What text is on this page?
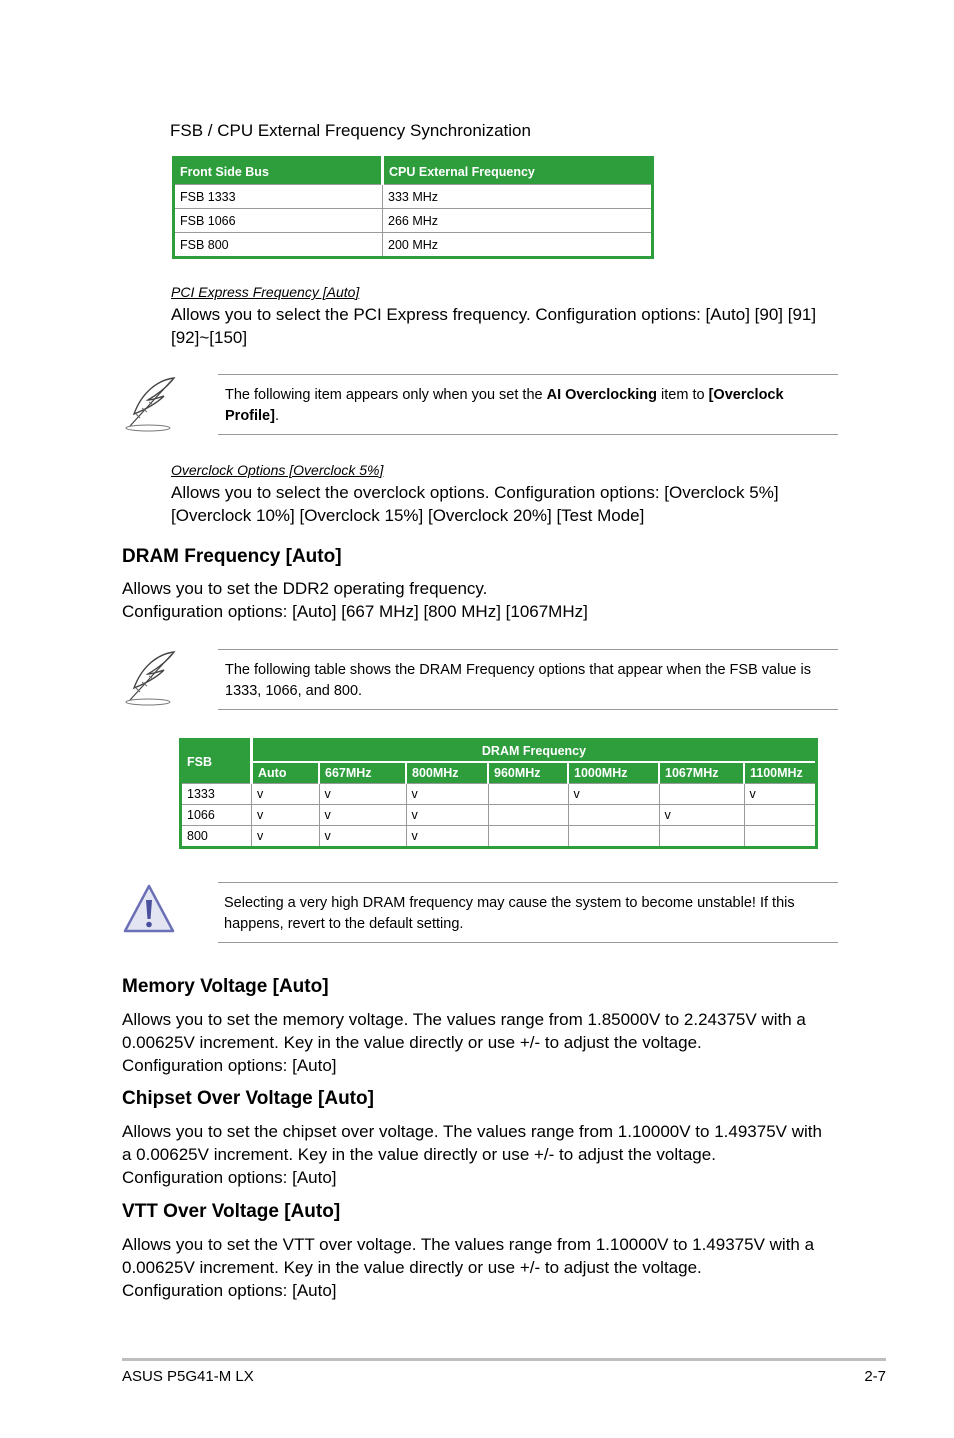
FSB / CPU External Frequency Synchronization
Front Side Bus	CPU External Frequency
FSB 1333	333 MHz
FSB 1066	266 MHz
FSB 800	200 MHz
PCI Express Frequency [Auto]
Allows you to select the PCI Express frequency. Configuration options: [Auto] [90] [91]
[92]~[150]
The following item appears only when you set the AI Overclocking item to [Overclock
Profile].
Overclock Options [Overclock 5%]
Allows you to select the overclock options. Configuration options: [Overclock 5%]
[Overclock 10%] [Overclock 15%] [Overclock 20%] [Test Mode]
DRAM Frequency [Auto]
Allows you to set the DDR2 operating frequency.
Configuration options: [Auto] [667 MHz] [800 MHz] [1067MHz]
The following table shows the DRAM Frequency options that appear when the FSB value is
1333, 1066, and 800.
FSB	DRAM Frequency						
	Auto	667MHz	800MHz	960MHz	1000MHz	1067MHz	1100MHz
1333	v	v	v		v		v
1066	v	v	v			v	
800	v	v	v				
Selecting a very high DRAM frequency may cause the system to become unstable! If this
happens, revert to the default setting.
Memory Voltage [Auto]
Allows you to set the memory voltage. The values range from 1.85000V to 2.24375V with a
0.00625V increment. Key in the value directly or use +/- to adjust the voltage.
Configuration options: [Auto]
Chipset Over Voltage [Auto]
Allows you to set the chipset over voltage. The values range from 1.10000V to 1.49375V with
a 0.00625V increment. Key in the value directly or use +/- to adjust the voltage.
Configuration options: [Auto]
VTT Over Voltage [Auto]
Allows you to set the VTT over voltage. The values range from 1.10000V to 1.49375V with a
0.00625V increment. Key in the value directly or use +/- to adjust the voltage.
Configuration options: [Auto]
ASUS P5G41-M LX	2-7
